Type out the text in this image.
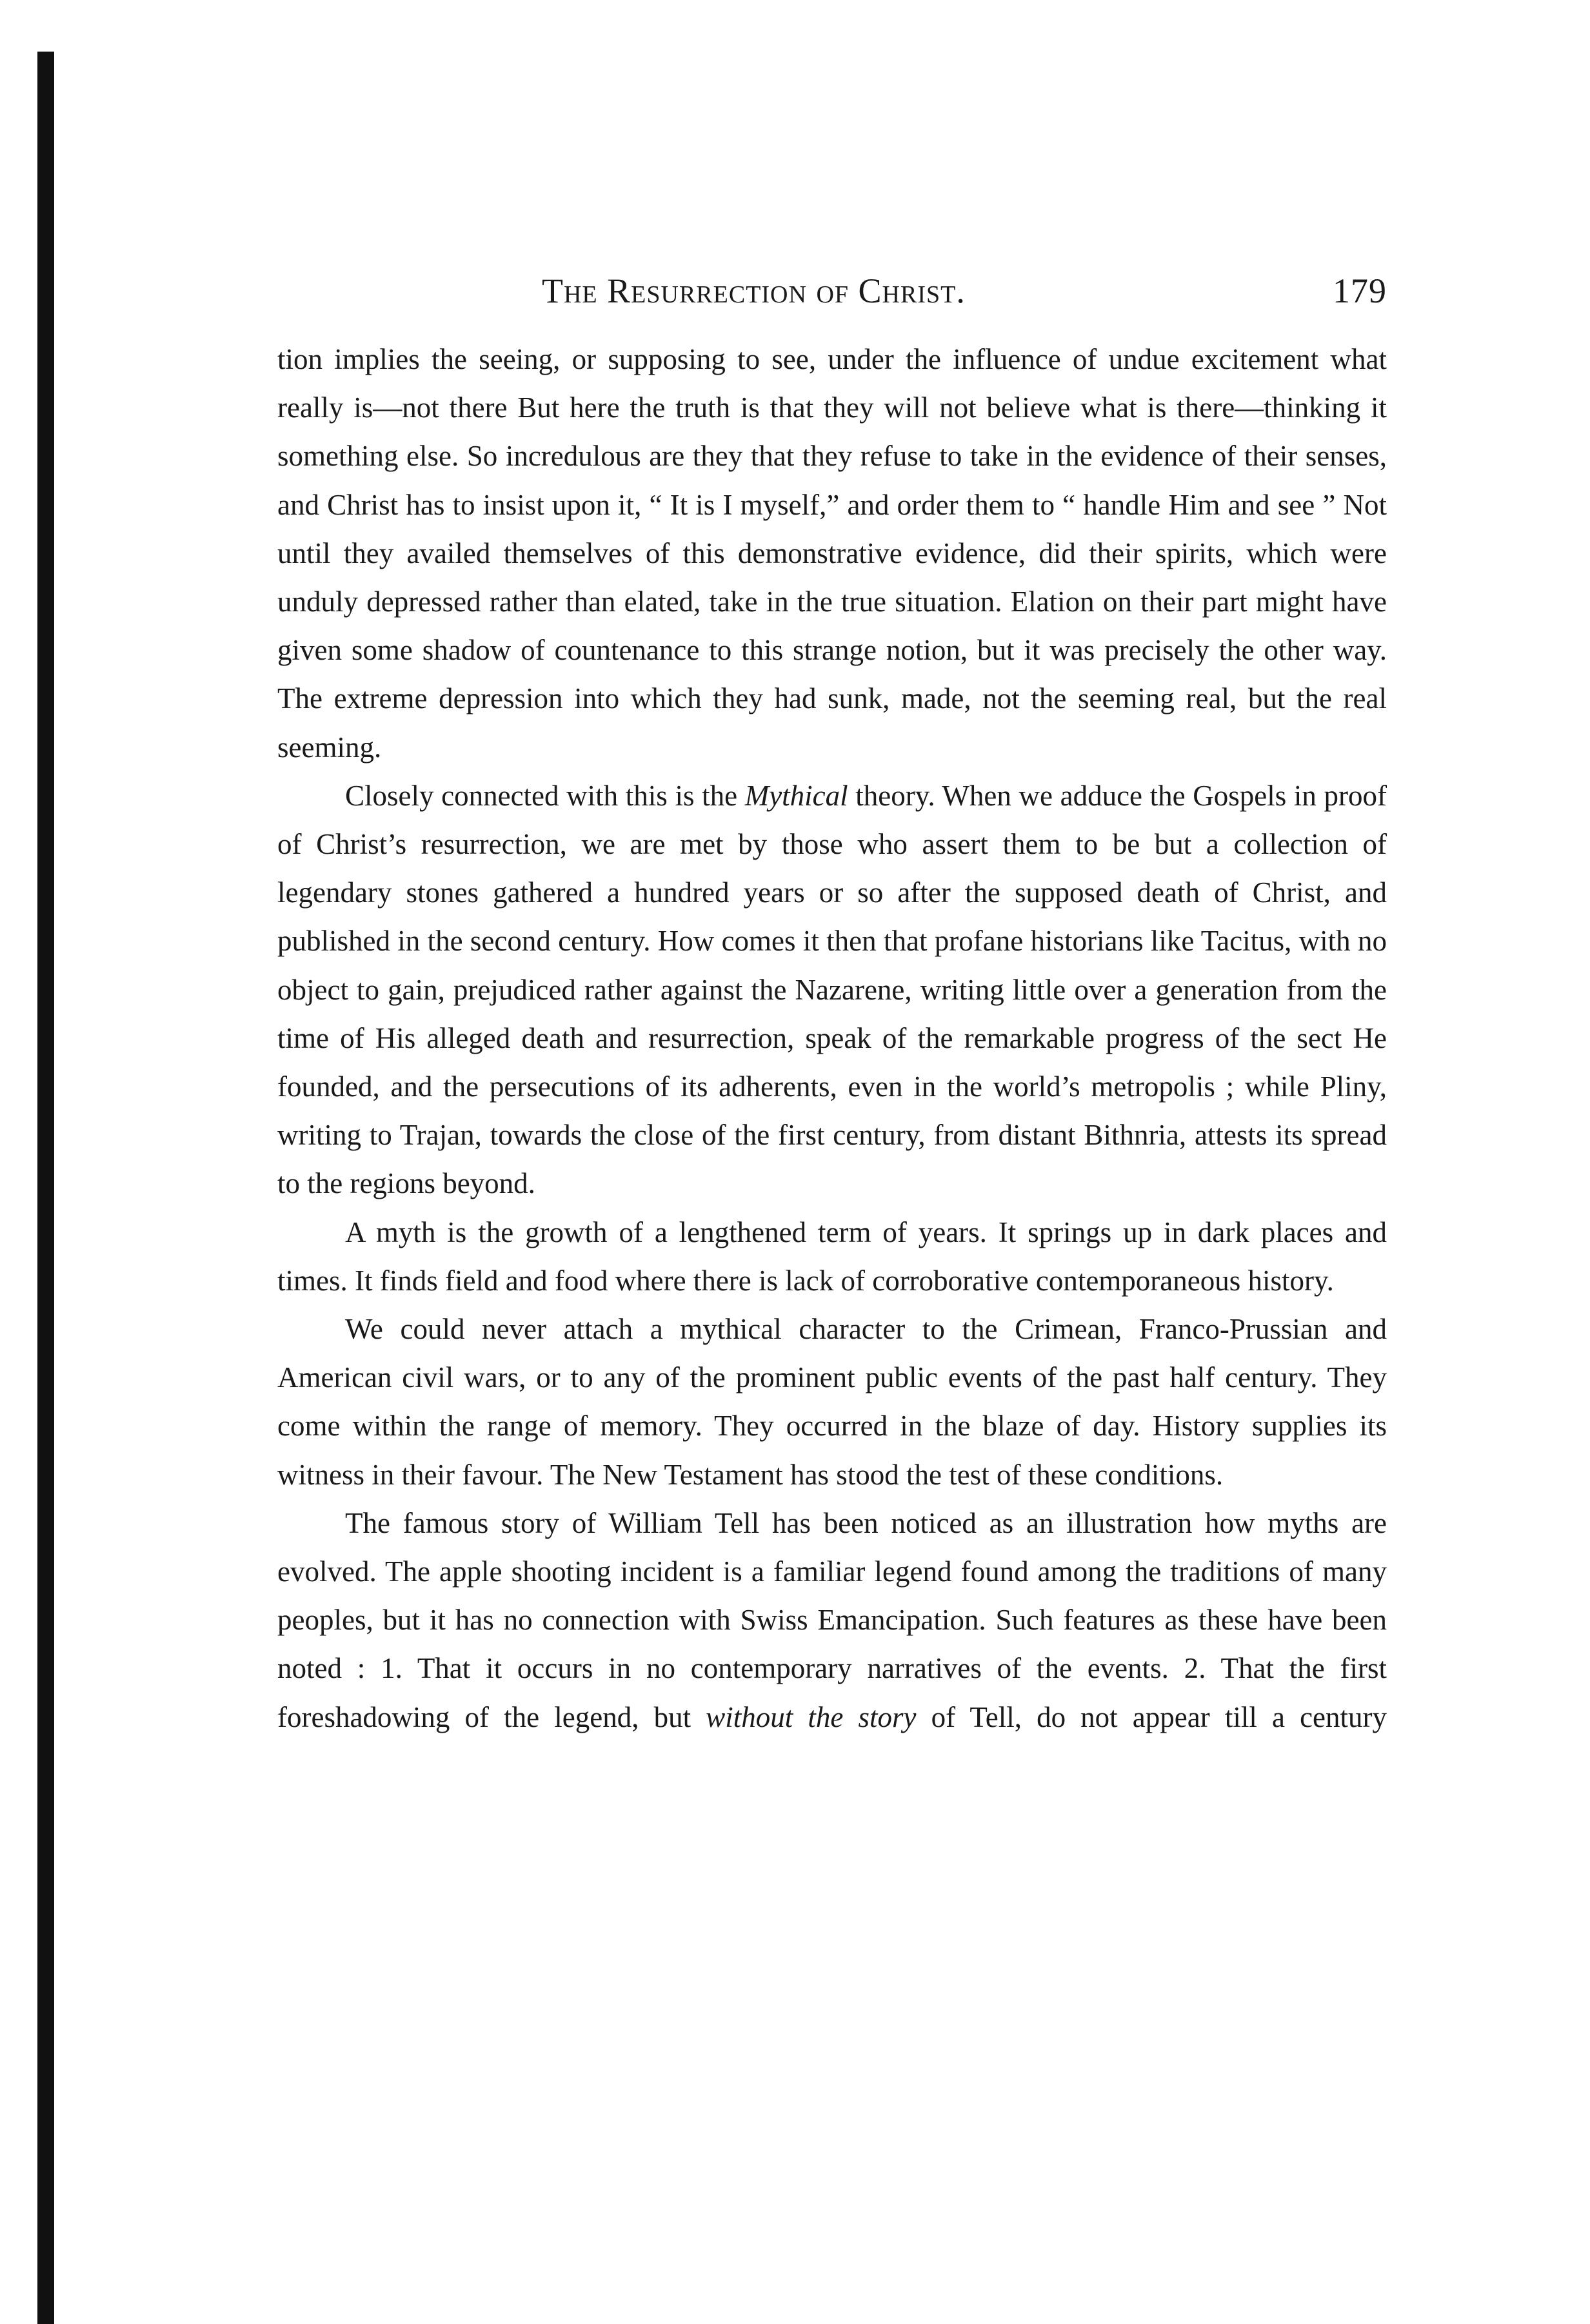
The Resurrection of Christ.	179

tion implies the seeing, or supposing to see, under the influence of undue excitement what really is—not there But here the truth is that they will not believe what is there—thinking it something else. So incredulous are they that they refuse to take in the evidence of their senses, and Christ has to insist upon it, “ It is I myself,” and order them to “ handle Him and see ” Not until they availed themselves of this demonstrative evidence, did their spirits, which were unduly depressed rather than elated, take in the true situation. Elation on their part might have given some shadow of countenance to this strange notion, but it was precisely the other way. The extreme depression into which they had sunk, made, not the seeming real, but the real seeming.

Closely connected with this is the Mythical theory. When we adduce the Gospels in proof of Christ’s resurrection, we are met by those who assert them to be but a collection of legendary stones gathered a hundred years or so after the supposed death of Christ, and published in the second century. How comes it then that profane historians like Tacitus, with no object to gain, prejudiced rather against the Nazarene, writing little over a generation from the time of His alleged death and resurrection, speak of the remarkable progress of the sect He founded, and the persecutions of its adherents, even in the world’s metropolis ; while Pliny, writing to Trajan, towards the close of the first century, from distant Bithnria, attests its spread to the regions beyond.

A myth is the growth of a lengthened term of years. It springs up in dark places and times. It finds field and food where there is lack of corroborative contemporaneous history.

We could never attach a mythical character to the Crimean, Franco-Prussian and American civil wars, or to any of the prominent public events of the past half century. They come within the range of memory. They occurred in the blaze of day. History supplies its witness in their favour. The New Testament has stood the test of these conditions.

The famous story of William Tell has been noticed as an illustration how myths are evolved. The apple shooting incident is a familiar legend found among the traditions of many peoples, but it has no connection with Swiss Emancipation. Such features as these have been noted : 1. That it occurs in no contemporary narratives of the events. 2. That the first foreshadowing of the legend, but without the story of Tell, do not appear till a century
